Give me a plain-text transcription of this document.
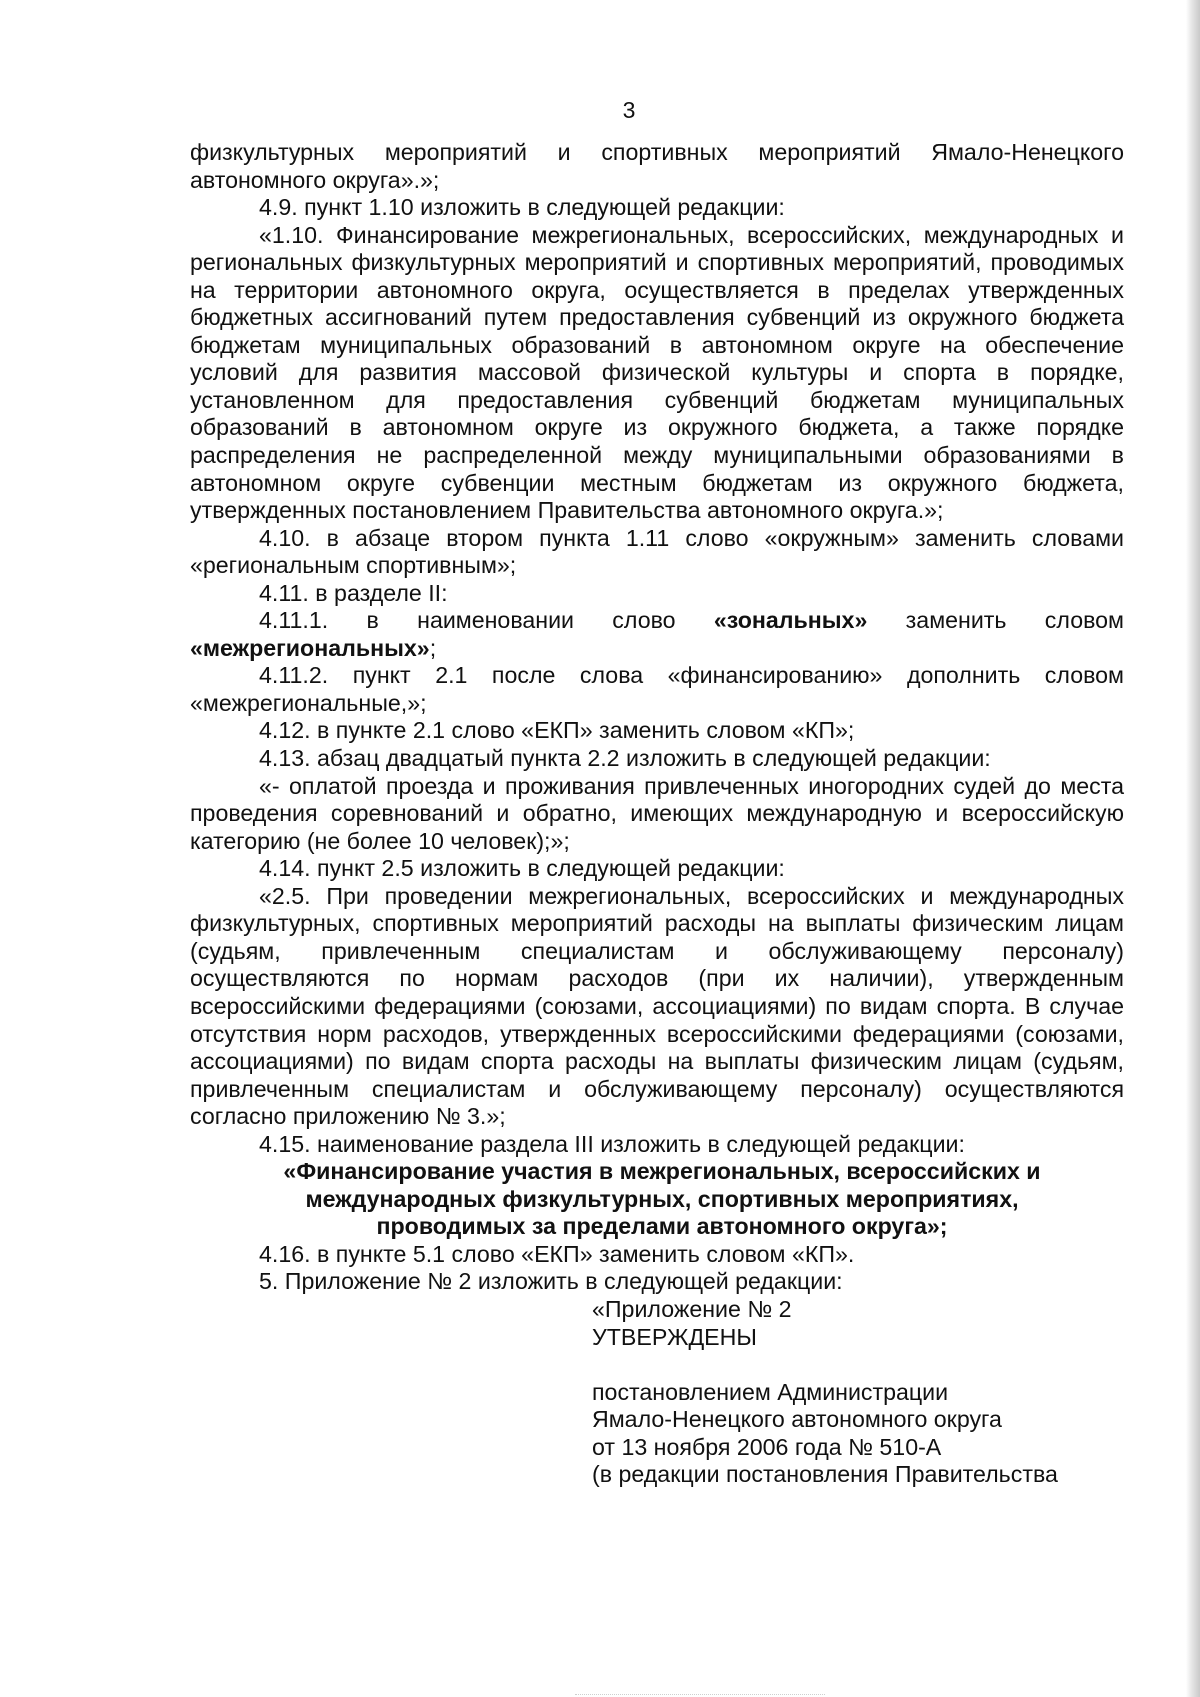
3

физкультурных мероприятий и спортивных мероприятий Ямало-Ненецкого автономного округа».»;

4.9. пункт 1.10 изложить в следующей редакции:

«1.10. Финансирование межрегиональных, всероссийских, международных и региональных физкультурных мероприятий и спортивных мероприятий, проводимых на территории автономного округа, осуществляется в пределах утвержденных бюджетных ассигнований путем предоставления субвенций из окружного бюджета бюджетам муниципальных образований в автономном округе на обеспечение условий для развития массовой физической культуры и спорта в порядке, установленном для предоставления субвенций бюджетам муниципальных образований в автономном округе из окружного бюджета, а также порядке распределения не распределенной между муниципальными образованиями в автономном округе субвенции местным бюджетам из окружного бюджета, утвержденных постановлением Правительства автономного округа.»;

4.10. в абзаце втором пункта 1.11 слово «окружным» заменить словами «региональным спортивным»;

4.11. в разделе II:

4.11.1. в наименовании слово «зональных» заменить словом «межрегиональных»;

4.11.2. пункт 2.1 после слова «финансированию» дополнить словом «межрегиональные,»;

4.12. в пункте 2.1 слово «ЕКП» заменить словом «КП»;

4.13. абзац двадцатый пункта 2.2 изложить в следующей редакции:

«- оплатой проезда и проживания привлеченных иногородних судей до места проведения соревнований и обратно, имеющих международную и всероссийскую категорию (не более 10 человек);»;

4.14. пункт 2.5 изложить в следующей редакции:

«2.5. При проведении межрегиональных, всероссийских и международных физкультурных, спортивных мероприятий расходы на выплаты физическим лицам (судьям, привлеченным специалистам и обслуживающему персоналу) осуществляются по нормам расходов (при их наличии), утвержденным всероссийскими федерациями (союзами, ассоциациями) по видам спорта. В случае отсутствия норм расходов, утвержденных всероссийскими федерациями (союзами, ассоциациями) по видам спорта расходы на выплаты физическим лицам (судьям, привлеченным специалистам и обслуживающему персоналу) осуществляются согласно приложению № 3.»;

4.15. наименование раздела III изложить в следующей редакции:

«Финансирование участия в межрегиональных, всероссийских и
международных физкультурных, спортивных мероприятиях,
проводимых за пределами автономного округа»;

4.16. в пункте 5.1 слово «ЕКП» заменить словом «КП».

5. Приложение № 2 изложить в следующей редакции:

«Приложение № 2
УТВЕРЖДЕНЫ
постановлением Администрации
Ямало-Ненецкого автономного округа
от 13 ноября 2006 года № 510-А
(в редакции постановления Правительства
